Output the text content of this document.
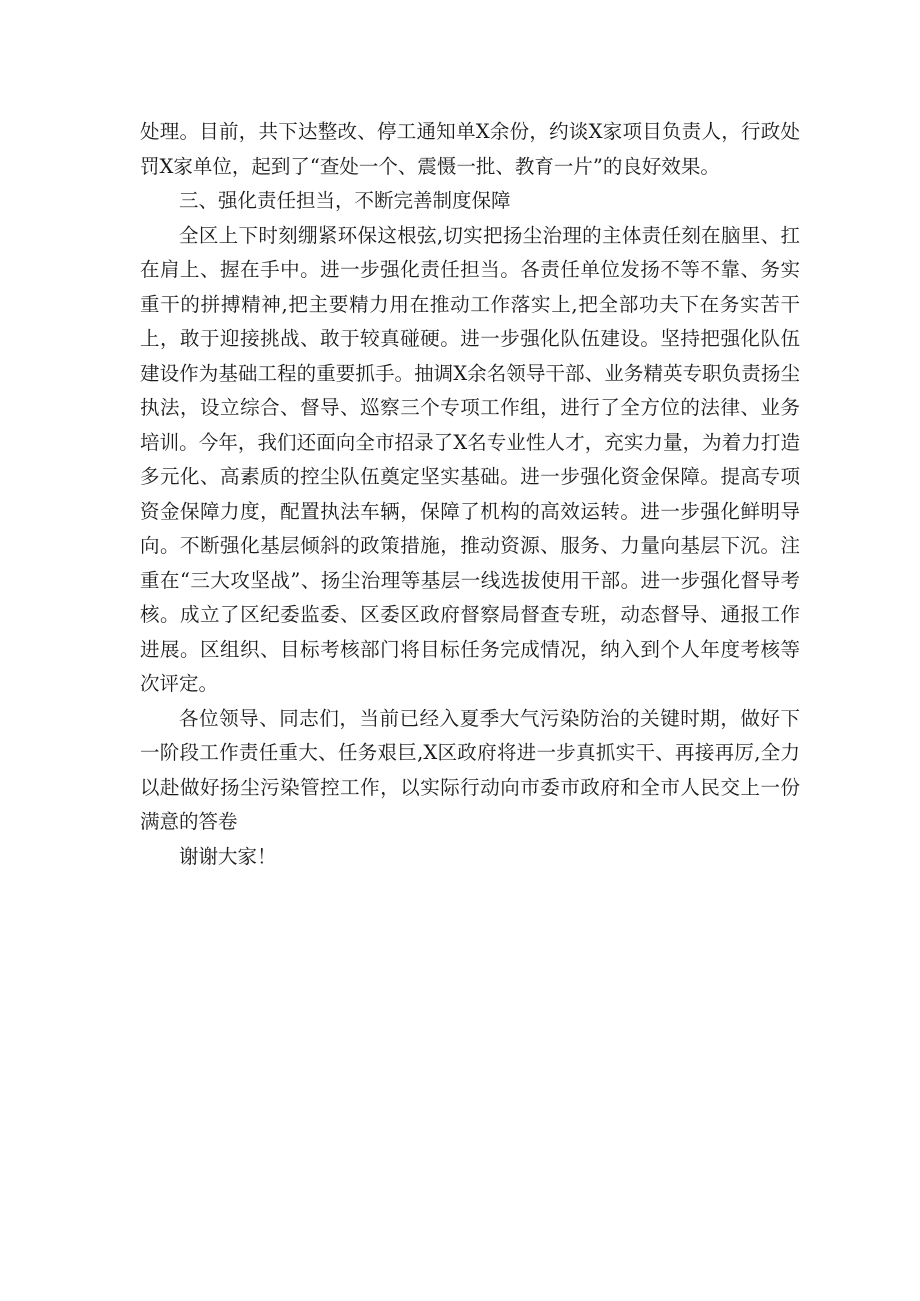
处理。目前，共下达整改、停工通知单X余份，约谈X家项目负责人，行政处罚X家单位，起到了“查处一个、震慑一批、教育一片”的良好效果。

三、强化责任担当，不断完善制度保障

全区上下时刻绷紧环保这根弦,切实把扬尘治理的主体责任刻在脑里、扛在肩上、握在手中。进一步强化责任担当。各责任单位发扬不等不靠、务实重干的拼搏精神,把主要精力用在推动工作落实上,把全部功夫下在务实苦干上，敢于迎接挑战、敢于较真碰硬。进一步强化队伍建设。坚持把强化队伍建设作为基础工程的重要抓手。抽调X余名领导干部、业务精英专职负责扬尘执法，设立综合、督导、巡察三个专项工作组，进行了全方位的法律、业务培训。今年，我们还面向全市招录了X名专业性人才，充实力量，为着力打造多元化、高素质的控尘队伍奠定坚实基础。进一步强化资金保障。提高专项资金保障力度，配置执法车辆，保障了机构的高效运转。进一步强化鲜明导向。不断强化基层倾斜的政策措施，推动资源、服务、力量向基层下沉。注重在“三大攻坚战”、扬尘治理等基层一线选拔使用干部。进一步强化督导考核。成立了区纪委监委、区委区政府督察局督查专班，动态督导、通报工作进展。区组织、目标考核部门将目标任务完成情况，纳入到个人年度考核等次评定。

各位领导、同志们，当前已经入夏季大气污染防治的关键时期，做好下一阶段工作责任重大、任务艰巨,X区政府将进一步真抓实干、再接再厉,全力以赴做好扬尘污染管控工作，以实际行动向市委市政府和全市人民交上一份满意的答卷

谢谢大家！
